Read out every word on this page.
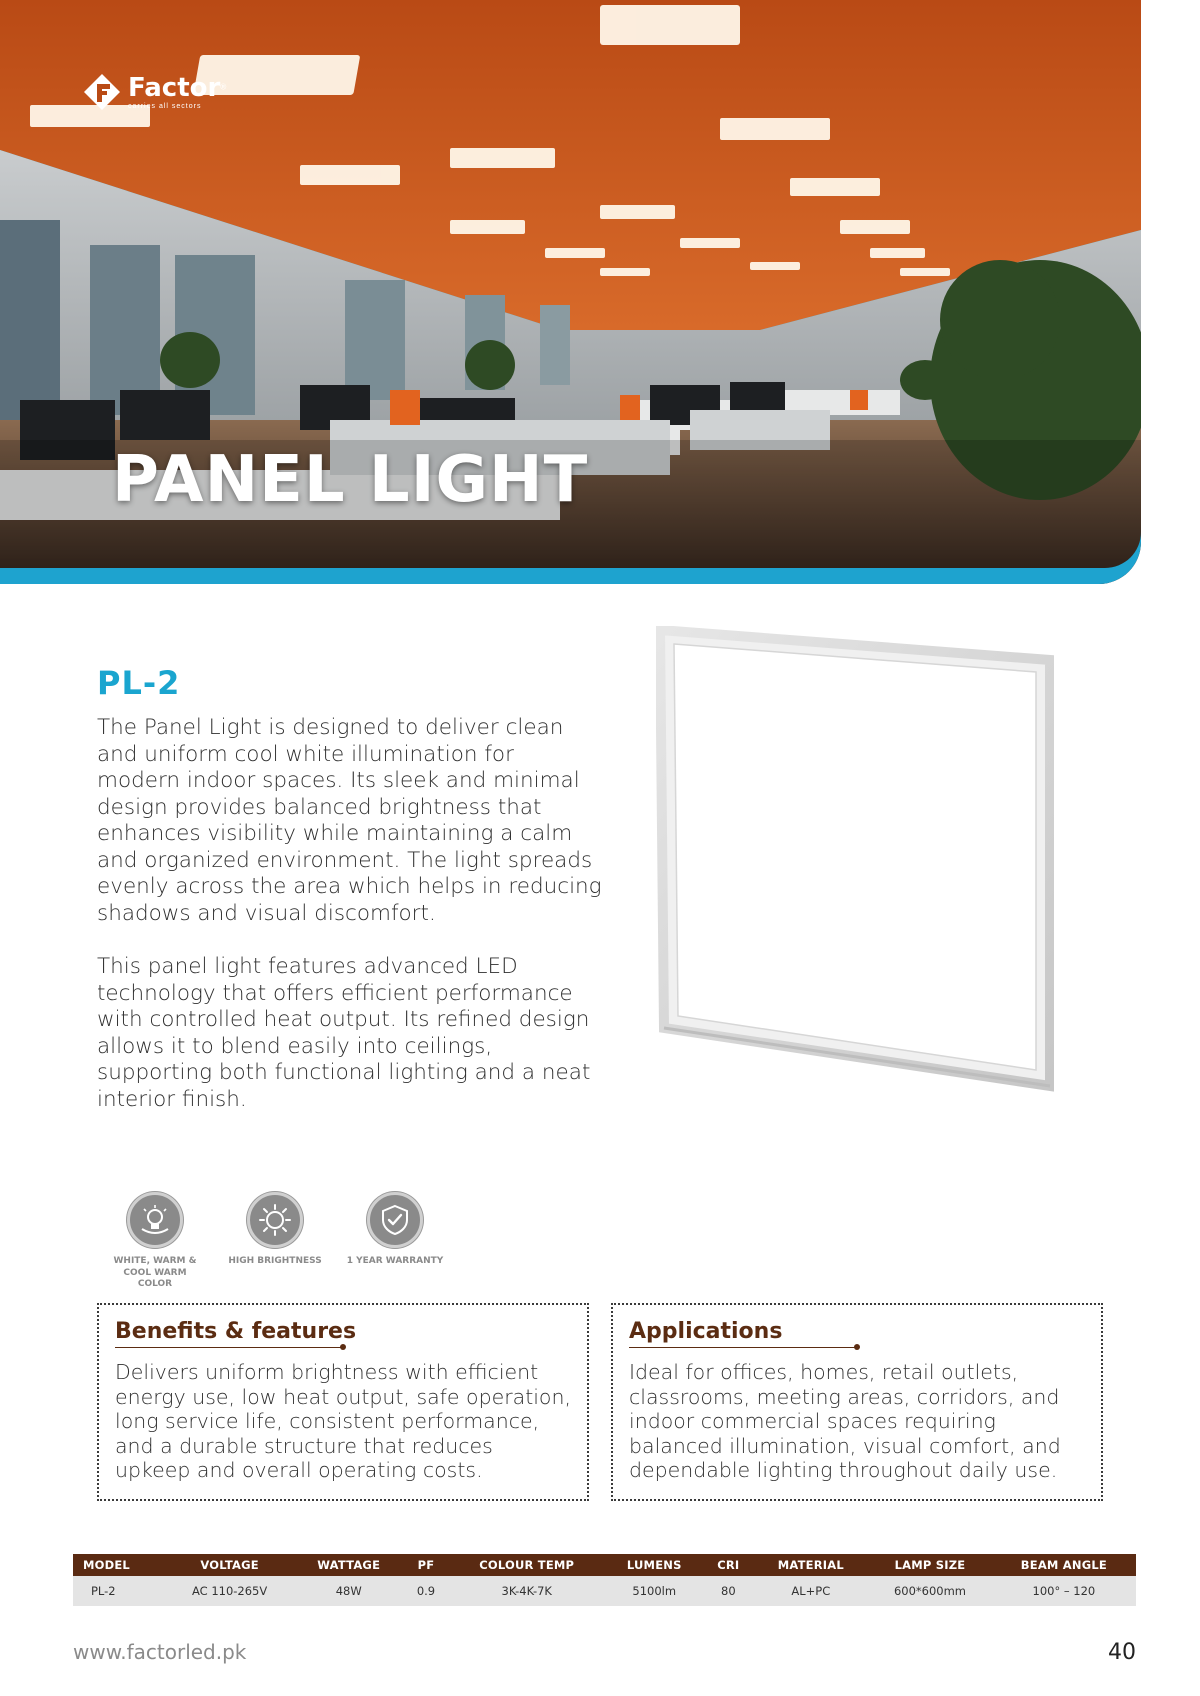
Factor®
carries all sectors
PANEL LIGHT
PL-2

The Panel Light is designed to deliver clean and uniform cool white illumination for modern indoor spaces. Its sleek and minimal design provides balanced brightness that enhances visibility while maintaining a calm and organized environment. The light spreads evenly across the area which helps in reducing shadows and visual discomfort.

This panel light features advanced LED technology that offers efficient performance with controlled heat output. Its refined design allows it to blend easily into ceilings, supporting both functional lighting and a neat interior finish.

WHITE, WARM & COOL WARM COLOR
HIGH BRIGHTNESS	1 YEAR WARRANTY
Benefits & features

Delivers uniform brightness with efficient energy use, low heat output, safe operation, long service life, consistent performance, and a durable structure that reduces upkeep and overall operating costs.

Applications

Ideal for offices, homes, retail outlets, classrooms, meeting areas, corridors, and indoor commercial spaces requiring balanced illumination, visual comfort, and dependable lighting throughout daily use.

MODEL	VOLTAGE	WATTAGE	PF	COLOUR TEMP	LUMENS	CRI	MATERIAL	LAMP SIZE	BEAM ANGLE
PL-2	AC 110-265V	48W	0.9	3K-4K-7K	5100lm	80	AL+PC	600*600mm	100° – 120
www.factorled.pk	40
